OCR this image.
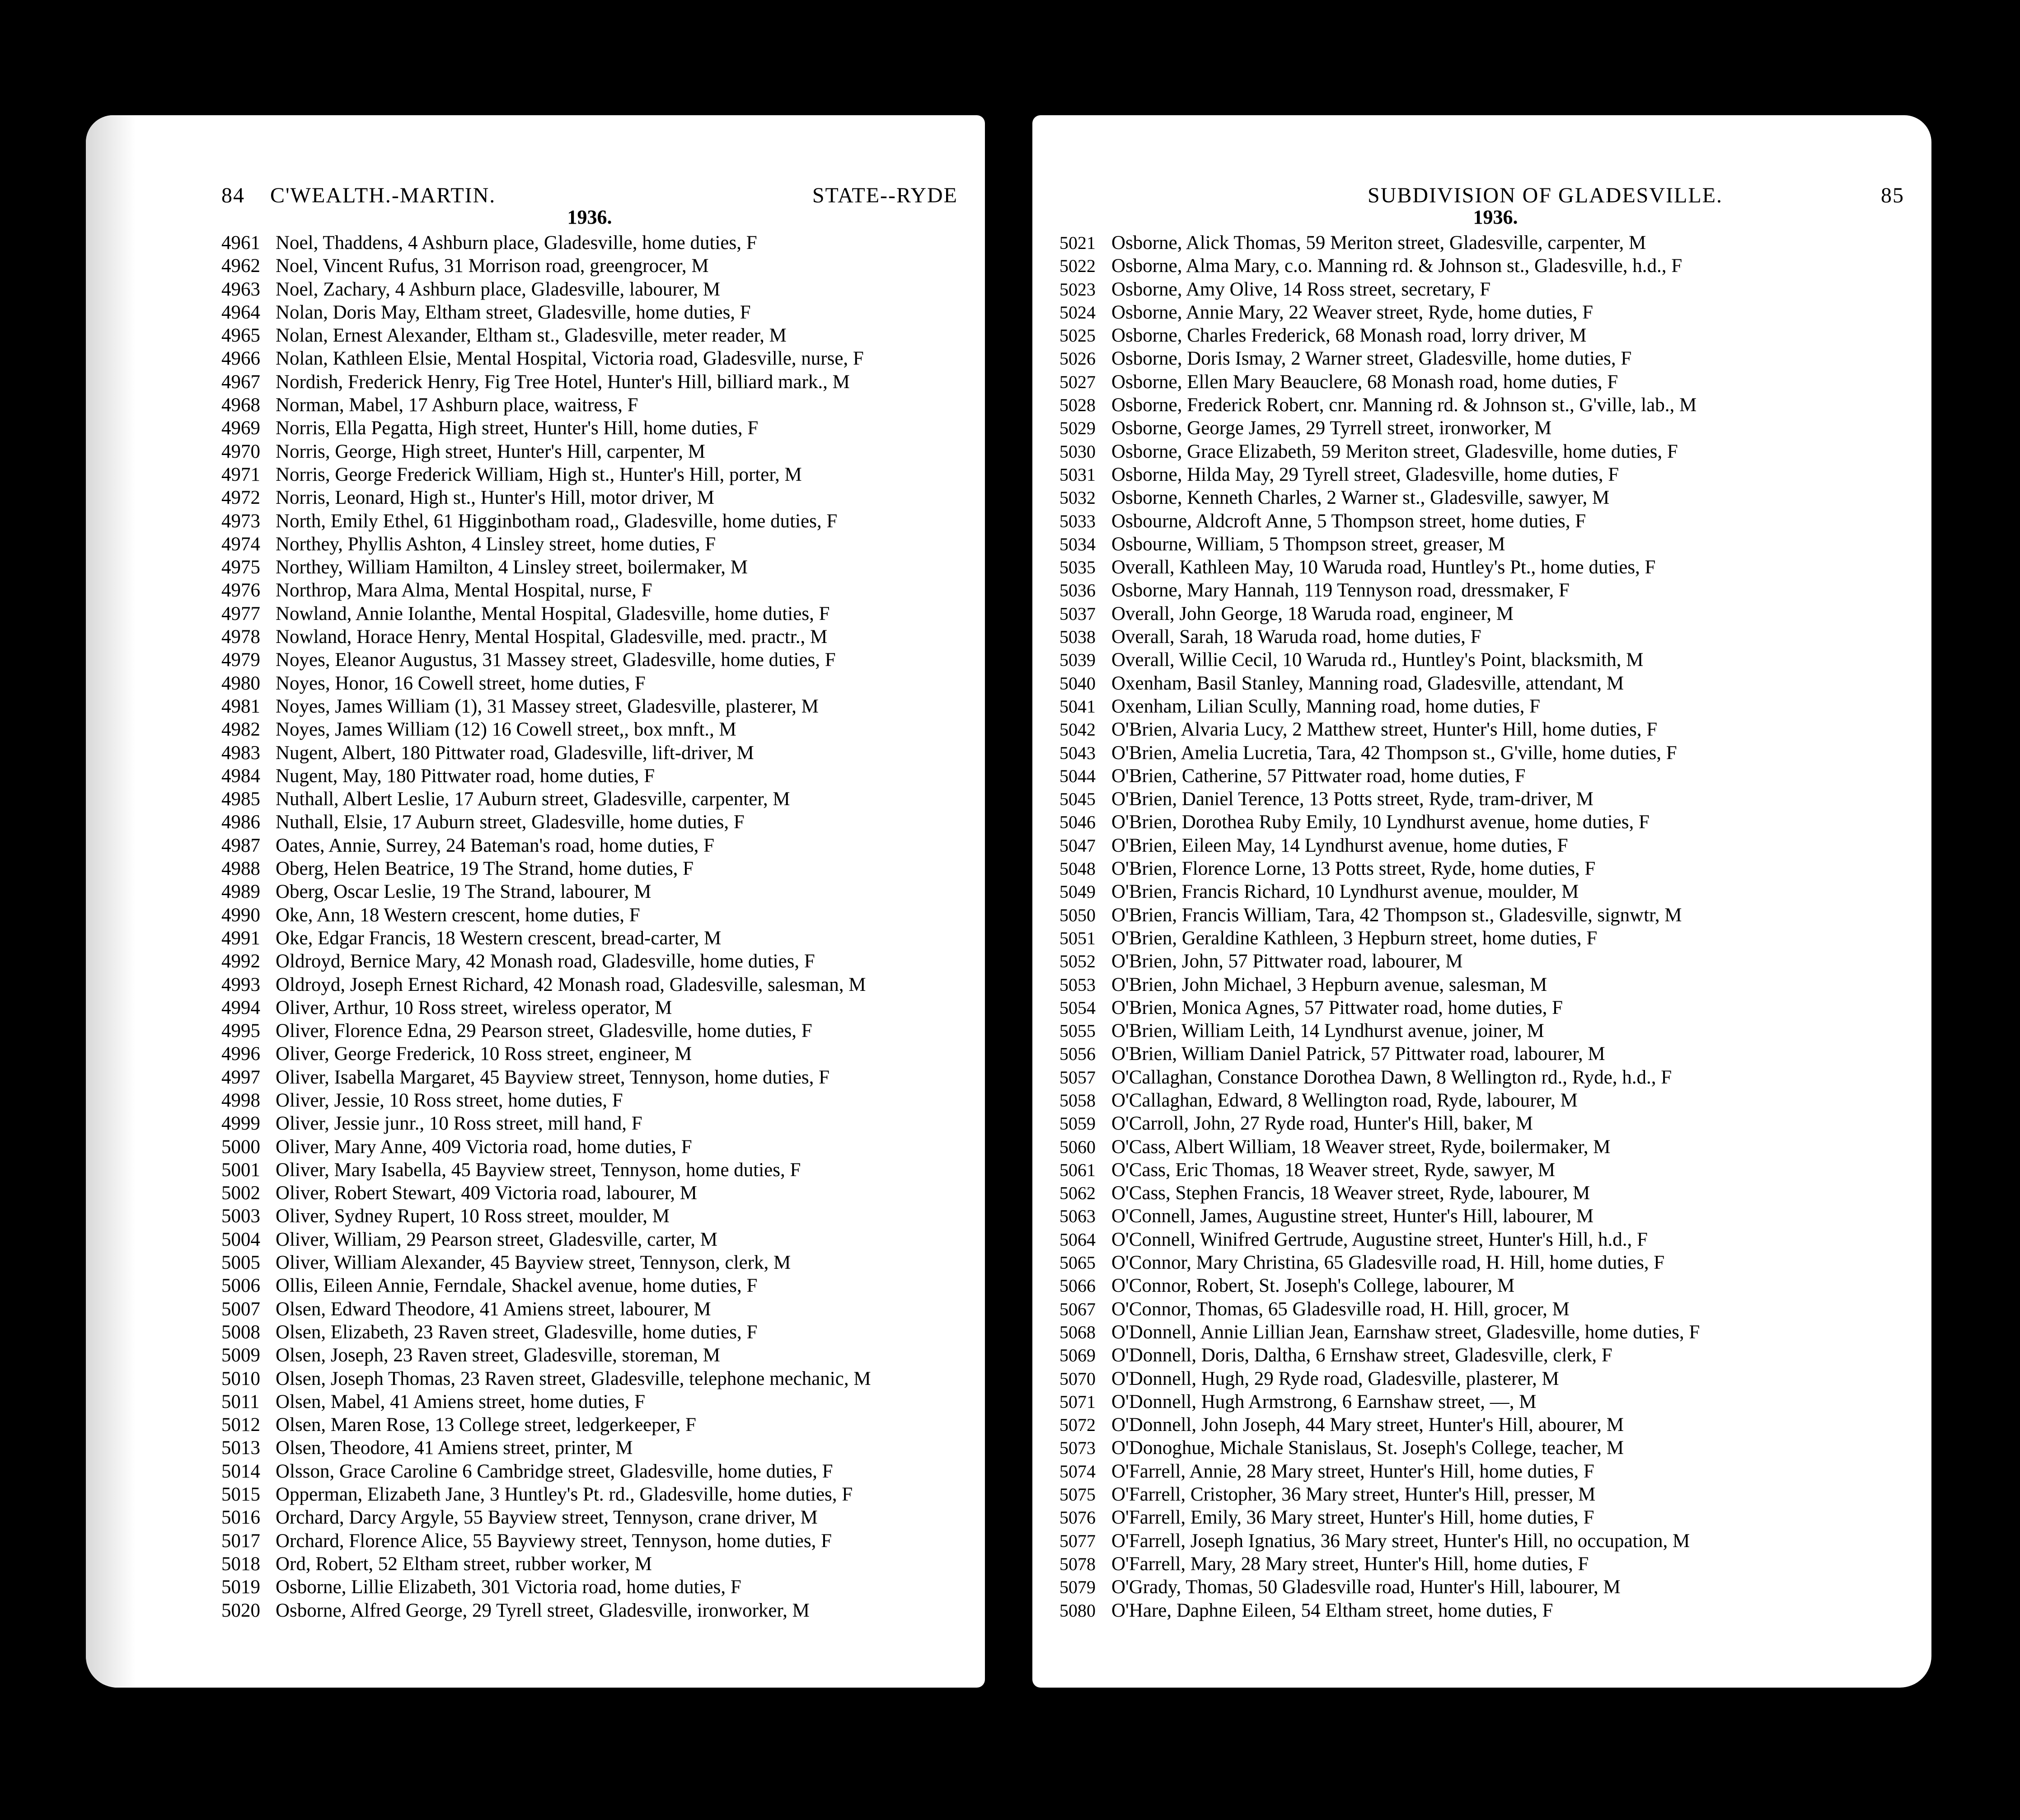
84 C'WEALTH.-MARTIN.	STATE--RYDE
1936.
4961 Noel, Thaddens, 4 Ashburn place, Gladesville, home duties, F
4962 Noel, Vincent Rufus, 31 Morrison road, greengrocer, M
4963 Noel, Zachary, 4 Ashburn place, Gladesville, labourer, M
4964 Nolan, Doris May, Eltham street, Gladesville, home duties, F
4965 Nolan, Ernest Alexander, Eltham st., Gladesville, meter reader, M
4966 Nolan, Kathleen Elsie, Mental Hospital, Victoria road, Gladesville, nurse, F
4967 Nordish, Frederick Henry, Fig Tree Hotel, Hunter's Hill, billiard mark., M
4968 Norman, Mabel, 17 Ashburn place, waitress, F
4969 Norris, Ella Pegatta, High street, Hunter's Hill, home duties, F
4970 Norris, George, High street, Hunter's Hill, carpenter, M
4971 Norris, George Frederick William, High st., Hunter's Hill, porter, M
4972 Norris, Leonard, High st., Hunter's Hill, motor driver, M
4973 North, Emily Ethel, 61 Higginbotham road,, Gladesville, home duties, F
4974 Northey, Phyllis Ashton, 4 Linsley street, home duties, F
4975 Northey, William Hamilton, 4 Linsley street, boilermaker, M
4976 Northrop, Mara Alma, Mental Hospital, nurse, F
4977 Nowland, Annie Iolanthe, Mental Hospital, Gladesville, home duties, F
4978 Nowland, Horace Henry, Mental Hospital, Gladesville, med. practr., M
4979 Noyes, Eleanor Augustus, 31 Massey street, Gladesville, home duties, F
4980 Noyes, Honor, 16 Cowell street, home duties, F
4981 Noyes, James William (1), 31 Massey street, Gladesville, plasterer, M
4982 Noyes, James William (12) 16 Cowell street,, box mnft., M
4983 Nugent, Albert, 180 Pittwater road, Gladesville, lift-driver, M
4984 Nugent, May, 180 Pittwater road, home duties, F
4985 Nuthall, Albert Leslie, 17 Auburn street, Gladesville, carpenter, M
4986 Nuthall, Elsie, 17 Auburn street, Gladesville, home duties, F
4987 Oates, Annie, Surrey, 24 Bateman's road, home duties, F
4988 Oberg, Helen Beatrice, 19 The Strand, home duties, F
4989 Oberg, Oscar Leslie, 19 The Strand, labourer, M
4990 Oke, Ann, 18 Western crescent, home duties, F
4991 Oke, Edgar Francis, 18 Western crescent, bread-carter, M
4992 Oldroyd, Bernice Mary, 42 Monash road, Gladesville, home duties, F
4993 Oldroyd, Joseph Ernest Richard, 42 Monash road, Gladesville, salesman, M
4994 Oliver, Arthur, 10 Ross street, wireless operator, M
4995 Oliver, Florence Edna, 29 Pearson street, Gladesville, home duties, F
4996 Oliver, George Frederick, 10 Ross street, engineer, M
4997 Oliver, Isabella Margaret, 45 Bayview street, Tennyson, home duties, F
4998 Oliver, Jessie, 10 Ross street, home duties, F
4999 Oliver, Jessie junr., 10 Ross street, mill hand, F
5000 Oliver, Mary Anne, 409 Victoria road, home duties, F
5001 Oliver, Mary Isabella, 45 Bayview street, Tennyson, home duties, F
5002 Oliver, Robert Stewart, 409 Victoria road, labourer, M
5003 Oliver, Sydney Rupert, 10 Ross street, moulder, M
5004 Oliver, William, 29 Pearson street, Gladesville, carter, M
5005 Oliver, William Alexander, 45 Bayview street, Tennyson, clerk, M
5006 Ollis, Eileen Annie, Ferndale, Shackel avenue, home duties, F
5007 Olsen, Edward Theodore, 41 Amiens street, labourer, M
5008 Olsen, Elizabeth, 23 Raven street, Gladesville, home duties, F
5009 Olsen, Joseph, 23 Raven street, Gladesville, storeman, M
5010 Olsen, Joseph Thomas, 23 Raven street, Gladesville, telephone mechanic, M
5011 Olsen, Mabel, 41 Amiens street, home duties, F
5012 Olsen, Maren Rose, 13 College street, ledgerkeeper, F
5013 Olsen, Theodore, 41 Amiens street, printer, M
5014 Olsson, Grace Caroline 6 Cambridge street, Gladesville, home duties, F
5015 Opperman, Elizabeth Jane, 3 Huntley's Pt. rd., Gladesville, home duties, F
5016 Orchard, Darcy Argyle, 55 Bayview street, Tennyson, crane driver, M
5017 Orchard, Florence Alice, 55 Bayviewy street, Tennyson, home duties, F
5018 Ord, Robert, 52 Eltham street, rubber worker, M
5019 Osborne, Lillie Elizabeth, 301 Victoria road, home duties, F
5020 Osborne, Alfred George, 29 Tyrell street, Gladesville, ironworker, M
SUBDIVISION OF GLADESVILLE.	85
1936.
5021 Osborne, Alick Thomas, 59 Meriton street, Gladesville, carpenter, M
5022 Osborne, Alma Mary, c.o. Manning rd. & Johnson st., Gladesville, h.d., F
5023 Osborne, Amy Olive, 14 Ross street, secretary, F
5024 Osborne, Annie Mary, 22 Weaver street, Ryde, home duties, F
5025 Osborne, Charles Frederick, 68 Monash road, lorry driver, M
5026 Osborne, Doris Ismay, 2 Warner street, Gladesville, home duties, F
5027 Osborne, Ellen Mary Beauclere, 68 Monash road, home duties, F
5028 Osborne, Frederick Robert, cnr. Manning rd. & Johnson st., G'ville, lab., M
5029 Osborne, George James, 29 Tyrrell street, ironworker, M
5030 Osborne, Grace Elizabeth, 59 Meriton street, Gladesville, home duties, F
5031 Osborne, Hilda May, 29 Tyrell street, Gladesville, home duties, F
5032 Osborne, Kenneth Charles, 2 Warner st., Gladesville, sawyer, M
5033 Osbourne, Aldcroft Anne, 5 Thompson street, home duties, F
5034 Osbourne, William, 5 Thompson street, greaser, M
5035 Overall, Kathleen May, 10 Waruda road, Huntley's Pt., home duties, F
5036 Osborne, Mary Hannah, 119 Tennyson road, dressmaker, F
5037 Overall, John George, 18 Waruda road, engineer, M
5038 Overall, Sarah, 18 Waruda road, home duties, F
5039 Overall, Willie Cecil, 10 Waruda rd., Huntley's Point, blacksmith, M
5040 Oxenham, Basil Stanley, Manning road, Gladesville, attendant, M
5041 Oxenham, Lilian Scully, Manning road, home duties, F
5042 O'Brien, Alvaria Lucy, 2 Matthew street, Hunter's Hill, home duties, F
5043 O'Brien, Amelia Lucretia, Tara, 42 Thompson st., G'ville, home duties, F
5044 O'Brien, Catherine, 57 Pittwater road, home duties, F
5045 O'Brien, Daniel Terence, 13 Potts street, Ryde, tram-driver, M
5046 O'Brien, Dorothea Ruby Emily, 10 Lyndhurst avenue, home duties, F
5047 O'Brien, Eileen May, 14 Lyndhurst avenue, home duties, F
5048 O'Brien, Florence Lorne, 13 Potts street, Ryde, home duties, F
5049 O'Brien, Francis Richard, 10 Lyndhurst avenue, moulder, M
5050 O'Brien, Francis William, Tara, 42 Thompson st., Gladesville, signwtr, M
5051 O'Brien, Geraldine Kathleen, 3 Hepburn street, home duties, F
5052 O'Brien, John, 57 Pittwater road, labourer, M
5053 O'Brien, John Michael, 3 Hepburn avenue, salesman, M
5054 O'Brien, Monica Agnes, 57 Pittwater road, home duties, F
5055 O'Brien, William Leith, 14 Lyndhurst avenue, joiner, M
5056 O'Brien, William Daniel Patrick, 57 Pittwater road, labourer, M
5057 O'Callaghan, Constance Dorothea Dawn, 8 Wellington rd., Ryde, h.d., F
5058 O'Callaghan, Edward, 8 Wellington road, Ryde, labourer, M
5059 O'Carroll, John, 27 Ryde road, Hunter's Hill, baker, M
5060 O'Cass, Albert William, 18 Weaver street, Ryde, boilermaker, M
5061 O'Cass, Eric Thomas, 18 Weaver street, Ryde, sawyer, M
5062 O'Cass, Stephen Francis, 18 Weaver street, Ryde, labourer, M
5063 O'Connell, James, Augustine street, Hunter's Hill, labourer, M
5064 O'Connell, Winifred Gertrude, Augustine street, Hunter's Hill, h.d., F
5065 O'Connor, Mary Christina, 65 Gladesville road, H. Hill, home duties, F
5066 O'Connor, Robert, St. Joseph's College, labourer, M
5067 O'Connor, Thomas, 65 Gladesville road, H. Hill, grocer, M
5068 O'Donnell, Annie Lillian Jean, Earnshaw street, Gladesville, home duties, F
5069 O'Donnell, Doris, Daltha, 6 Ernshaw street, Gladesville, clerk, F
5070 O'Donnell, Hugh, 29 Ryde road, Gladesville, plasterer, M
5071 O'Donnell, Hugh Armstrong, 6 Earnshaw street, —, M
5072 O'Donnell, John Joseph, 44 Mary street, Hunter's Hill, abourer, M
5073 O'Donoghue, Michale Stanislaus, St. Joseph's College, teacher, M
5074 O'Farrell, Annie, 28 Mary street, Hunter's Hill, home duties, F
5075 O'Farrell, Cristopher, 36 Mary street, Hunter's Hill, presser, M
5076 O'Farrell, Emily, 36 Mary street, Hunter's Hill, home duties, F
5077 O'Farrell, Joseph Ignatius, 36 Mary street, Hunter's Hill, no occupation, M
5078 O'Farrell, Mary, 28 Mary street, Hunter's Hill, home duties, F
5079 O'Grady, Thomas, 50 Gladesville road, Hunter's Hill, labourer, M
5080 O'Hare, Daphne Eileen, 54 Eltham street, home duties, F
